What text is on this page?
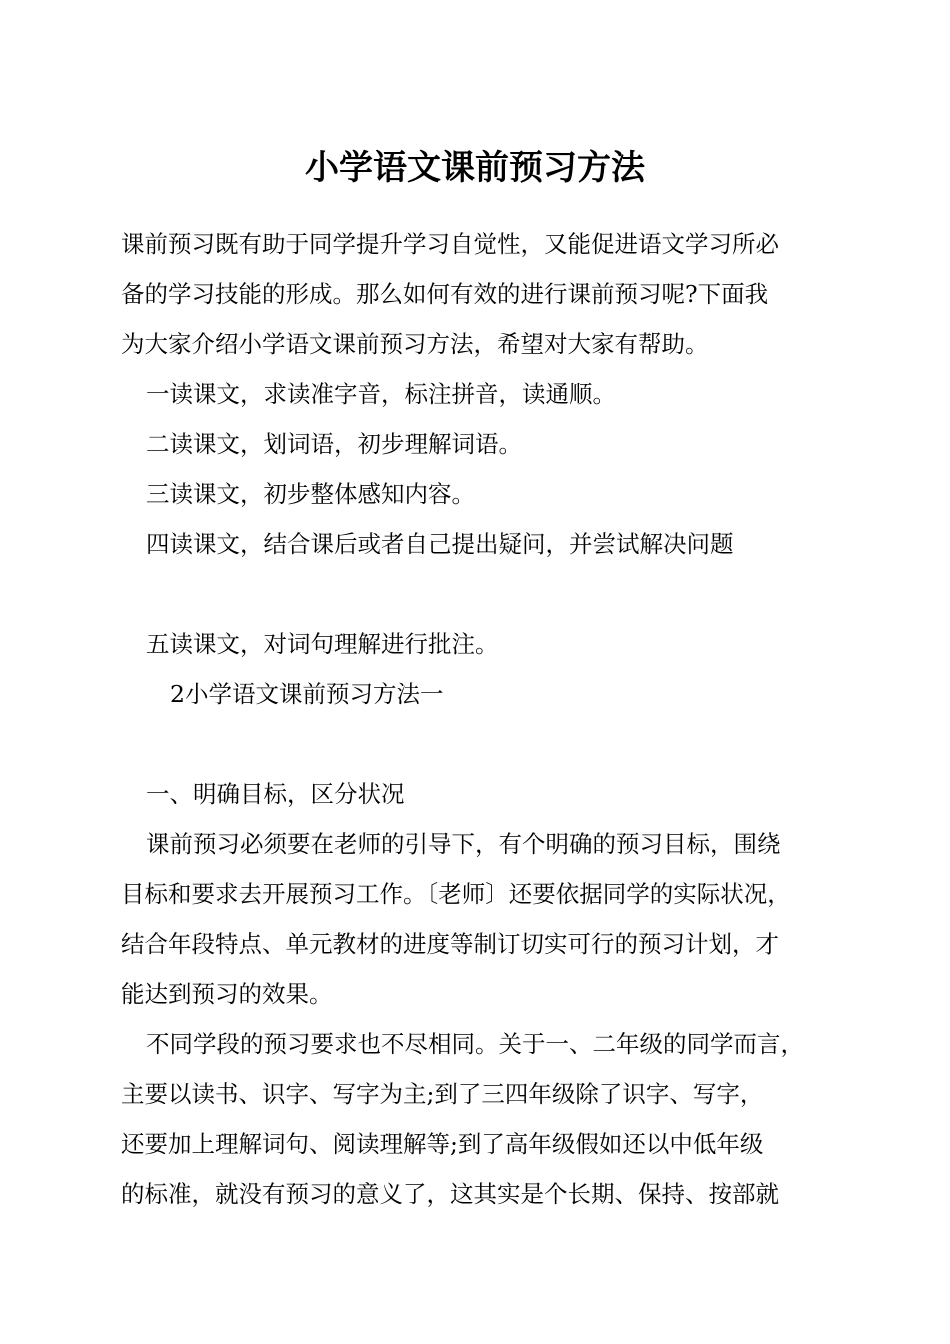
小学语文课前预习方法

课前预习既有助于同学提升学习自觉性，又能促进语文学习所必

备的学习技能的形成。那么如何有效的进行课前预习呢?下面我

为大家介绍小学语文课前预习方法，希望对大家有帮助。

一读课文，求读准字音，标注拼音，读通顺。

二读课文，划词语，初步理解词语。

三读课文，初步整体感知内容。

四读课文，结合课后或者自己提出疑问，并尝试解决问题

五读课文，对词句理解进行批注。

2小学语文课前预习方法一

一、明确目标，区分状况

课前预习必须要在老师的引导下，有个明确的预习目标，围绕

目标和要求去开展预习工作。〔老师〕还要依据同学的实际状况，

结合年段特点、单元教材的进度等制订切实可行的预习计划，才

能达到预习的效果。

不同学段的预习要求也不尽相同。关于一、二年级的同学而言，

主要以读书、识字、写字为主;到了三四年级除了识字、写字，

还要加上理解词句、阅读理解等;到了高年级假如还以中低年级

的标准，就没有预习的意义了，这其实是个长期、保持、按部就
